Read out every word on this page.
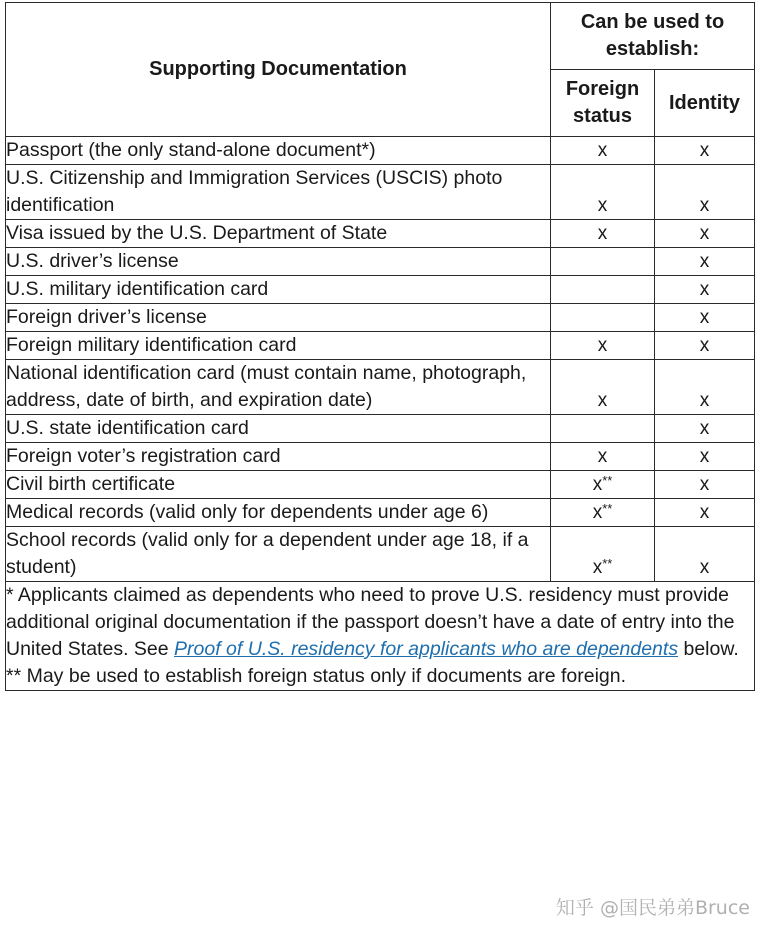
Supporting Documentation	Can be used to establish:	
	Foreign status	Identity
Passport (the only stand-alone document*)	x	x
U.S. Citizenship and Immigration Services (USCIS) photo identification	x	x
Visa issued by the U.S. Department of State	x	x
U.S. driver’s license		x
U.S. military identification card		x
Foreign driver’s license		x
Foreign military identification card	x	x
National identification card (must contain name, photograph, address, date of birth, and expiration date)	x	x
U.S. state identification card		x
Foreign voter’s registration card	x	x
Civil birth certificate	x**	x
Medical records (valid only for dependents under age 6)	x**	x
School records (valid only for a dependent under age 18, if a student)	x**	x

* Applicants claimed as dependents who need to prove U.S. residency must provide additional original documentation if the passport doesn’t have a date of entry into the United States. See Proof of U.S. residency for applicants who are dependents below.
** May be used to establish foreign status only if documents are foreign.		
知乎 @国民弟弟Bruce
